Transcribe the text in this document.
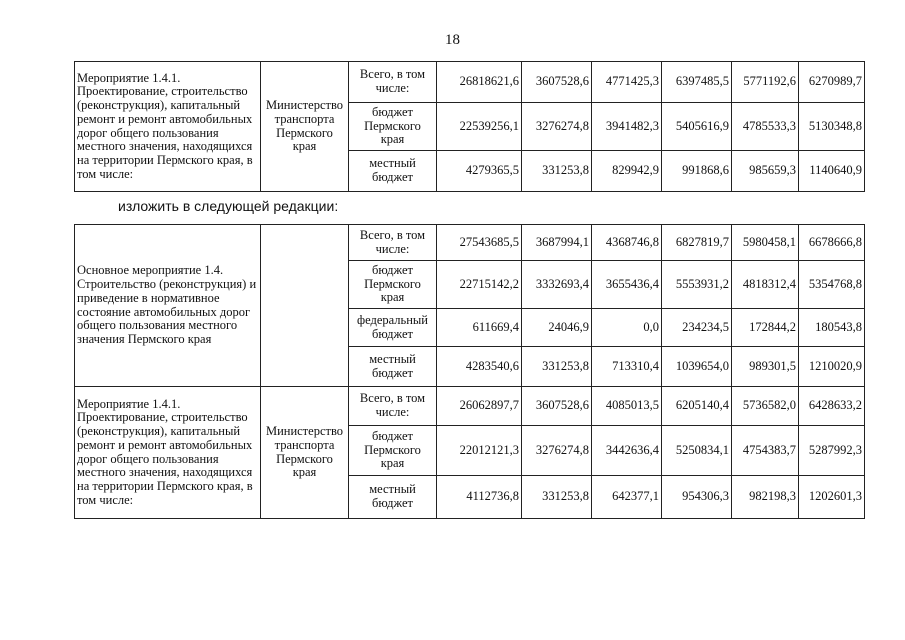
18
Мероприятие 1.4.1.
Проектирование, строительство (реконструкция), капитальный ремонт и ремонт автомобильных дорог общего пользования местного значения, находящихся на территории Пермского края, в том числе:	Министерство транспорта Пермского края	Всего, в том числе:	26818621,6	3607528,6	4771425,3	6397485,5	5771192,6	6270989,7
		бюджет Пермского края	22539256,1	3276274,8	3941482,3	5405616,9	4785533,3	5130348,8
		местный бюджет	4279365,5	331253,8	829942,9	991868,6	985659,3	1140640,9
изложить в следующей редакции:
Основное мероприятие 1.4.
Строительство (реконструкция) и приведение в нормативное состояние автомобильных дорог общего пользования местного значения Пермского края		Всего, в том числе:	27543685,5	3687994,1	4368746,8	6827819,7	5980458,1	6678666,8
		бюджет Пермского края	22715142,2	3332693,4	3655436,4	5553931,2	4818312,4	5354768,8
		федеральный бюджет	611669,4	24046,9	0,0	234234,5	172844,2	180543,8
		местный бюджет	4283540,6	331253,8	713310,4	1039654,0	989301,5	1210020,9
Мероприятие 1.4.1.
Проектирование, строительство (реконструкция), капитальный ремонт и ремонт автомобильных дорог общего пользования местного значения, находящихся на территории Пермского края, в том числе:	Министерство транспорта Пермского края	Всего, в том числе:	26062897,7	3607528,6	4085013,5	6205140,4	5736582,0	6428633,2
		бюджет Пермского края	22012121,3	3276274,8	3442636,4	5250834,1	4754383,7	5287992,3
		местный бюджет	4112736,8	331253,8	642377,1	954306,3	982198,3	1202601,3
